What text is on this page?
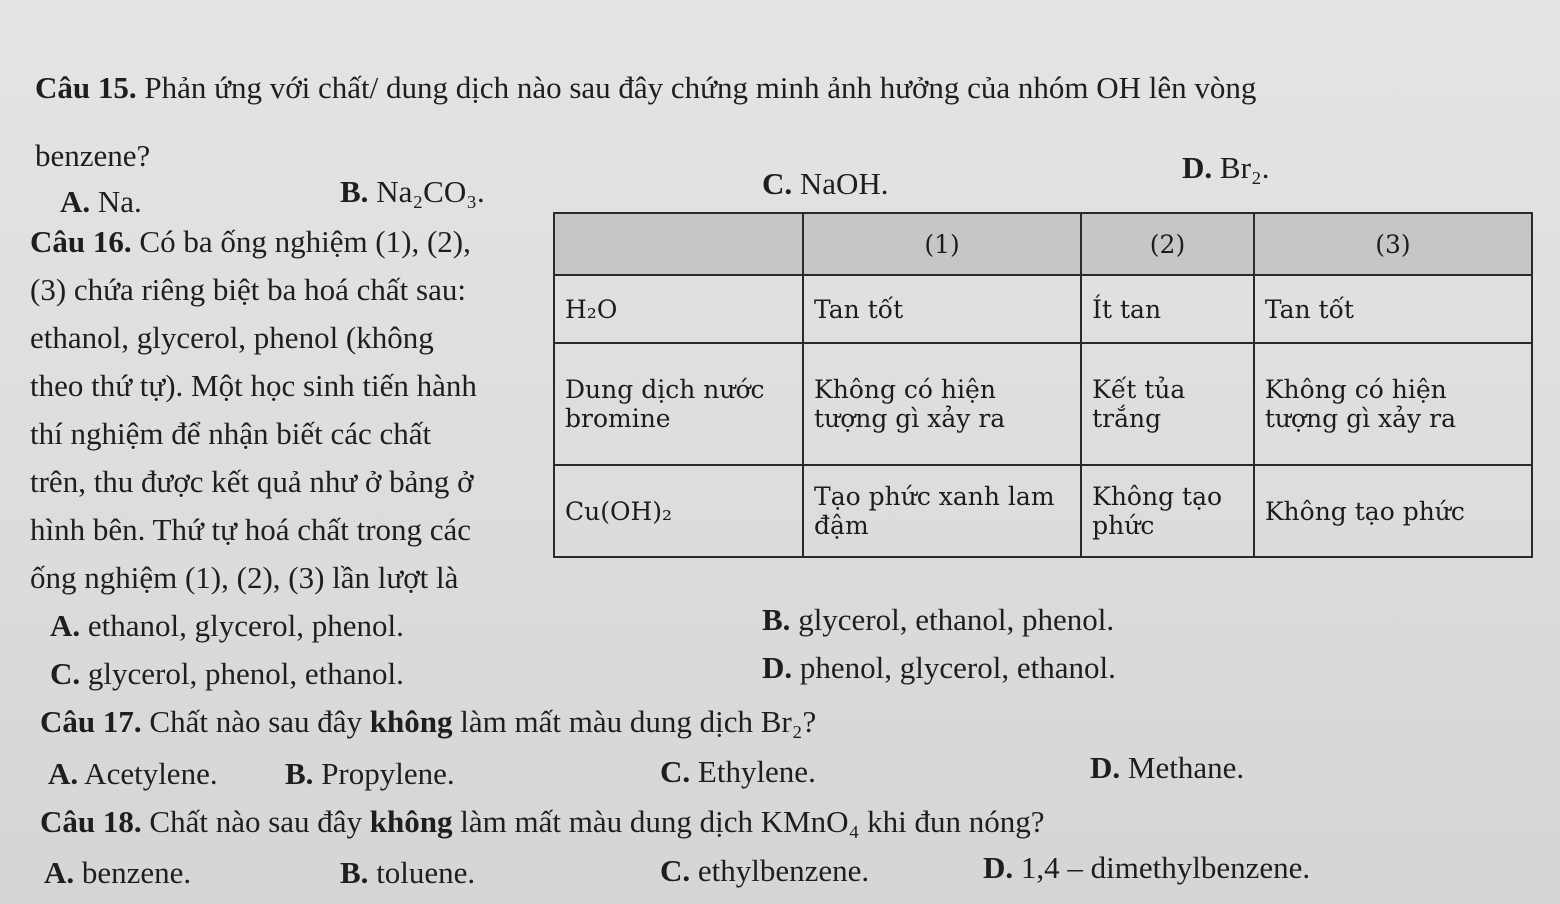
Câu 15. Phản ứng với chất/ dung dịch nào sau đây chứng minh ảnh hưởng của nhóm OH lên vòng
benzene?
A. Na.	B. Na₂CO₃.	C. NaOH.	D. Br₂.
Câu 16. Có ba ống nghiệm (1), (2),
(3) chứa riêng biệt ba hoá chất sau:
ethanol, glycerol, phenol (không
theo thứ tự). Một học sinh tiến hành
thí nghiệm để nhận biết các chất
trên, thu được kết quả như ở bảng ở
hình bên. Thứ tự hoá chất trong các
ống nghiệm (1), (2), (3) lần lượt là
	(1)	(2)	(3)
H₂O	Tan tốt	Ít tan	Tan tốt
Dung dịch nước bromine	Không có hiện tượng gì xảy ra	Kết tủa trắng	Không có hiện tượng gì xảy ra
Cu(OH)₂	Tạo phức xanh lam đậm	Không tạo phức	Không tạo phức
A. ethanol, glycerol, phenol.	B. glycerol, ethanol, phenol.
C. glycerol, phenol, ethanol.	D. phenol, glycerol, ethanol.
Câu 17. Chất nào sau đây không làm mất màu dung dịch Br₂?
A. Acetylene. B. Propylene.	C. Ethylene.	D. Methane.
Câu 18. Chất nào sau đây không làm mất màu dung dịch KMnO₄ khi đun nóng?
A. benzene.	B. toluene.	C. ethylbenzene.	D. 1,4 – dimethylbenzene.
